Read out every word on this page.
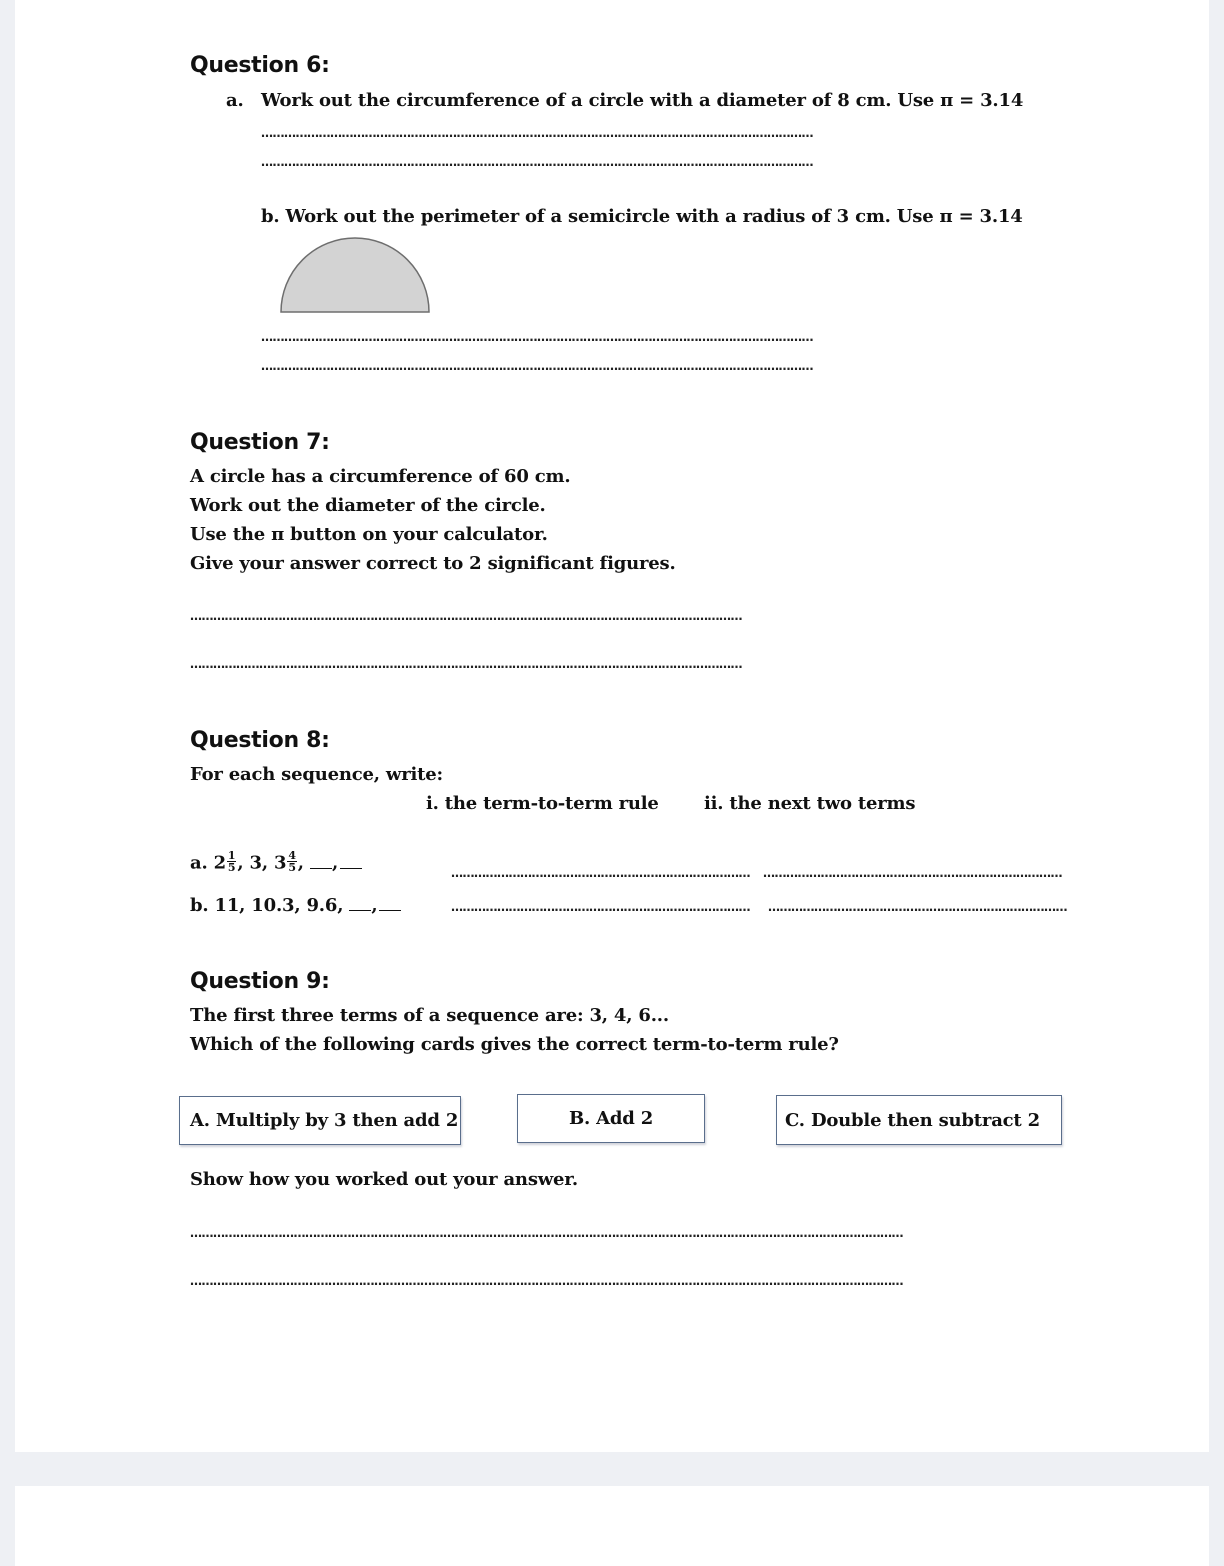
Question 6:
a. Work out the circumference of a circle with a diameter of 8 cm. Use π = 3.14
………………………………………………………………………………………………………………………………
………………………………………………………………………………………………………………………………
b. Work out the perimeter of a semicircle with a radius of 3 cm. Use π = 3.14
………………………………………………………………………………………………………………………………
………………………………………………………………………………………………………………………………
Question 7:
A circle has a circumference of 60 cm.
Work out the diameter of the circle.
Use the π button on your calculator.
Give your answer correct to 2 significant figures.
………………………………………………………………………………………………………………………………
………………………………………………………………………………………………………………………………
Question 8:
For each sequence, write:
i. the term-to-term rule	ii. the next two terms
a. $2 \frac{1}{5}$ , 3, $3 \frac{4}{5}$ , ,	…………………………………………………………………… ……………………………………………………………………
b. 11, 10.3, 9.6, ,	…………………………………………………………………… ……………………………………………………………………
Question 9:
The first three terms of a sequence are: 3, 4, 6...
Which of the following cards gives the correct term-to-term rule?
A. Multiply by 3 then add 2	B. Add 2	C. Double then subtract 2
Show how you worked out your answer.
……………………………………………………………………………………………………………………………………………………………………
……………………………………………………………………………………………………………………………………………………………………
